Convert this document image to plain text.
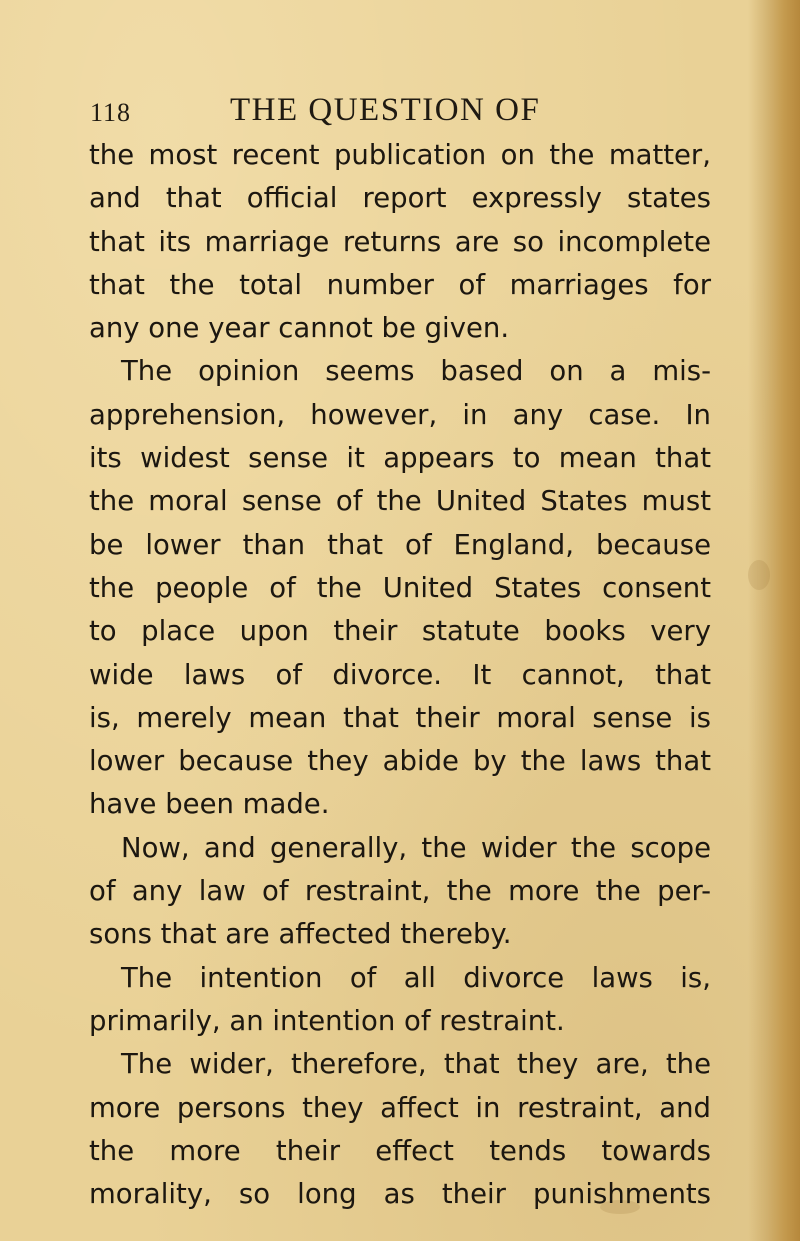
118	THE QUESTION OF
the most recent publication on the matter,
and that official report expressly states
that its marriage returns are so incomplete
that the total number of marriages for
any one year cannot be given.
The opinion seems based on a mis-
apprehension, however, in any case. In
its widest sense it appears to mean that
the moral sense of the United States must
be lower than that of England, because
the people of the United States consent
to place upon their statute books very
wide laws of divorce. It cannot, that
is, merely mean that their moral sense is
lower because they abide by the laws that
have been made.
Now, and generally, the wider the scope
of any law of restraint, the more the per-
sons that are affected thereby.
The intention of all divorce laws is,
primarily, an intention of restraint.
The wider, therefore, that they are, the
more persons they affect in restraint, and
the more their effect tends towards
morality, so long as their punishments
